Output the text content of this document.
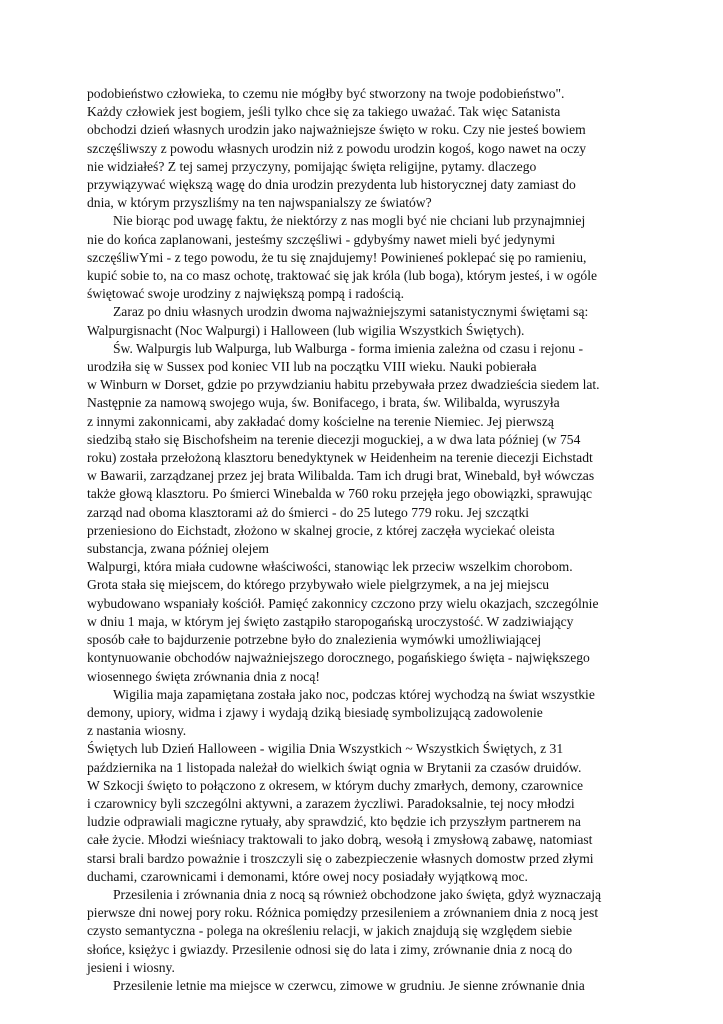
podobieństwo człowieka, to czemu nie mógłby być stworzony na twoje podobieństwo".
Każdy człowiek jest bogiem, jeśli tylko chce się za takiego uważać. Tak więc Satanista
obchodzi dzień własnych urodzin jako najważniejsze święto w roku. Czy nie jesteś bowiem
szczęśliwszy z powodu własnych urodzin niż z powodu urodzin kogoś, kogo nawet na oczy
nie widziałeś? Z tej samej przyczyny, pomijając święta religijne, pytamy. dlaczego
przywiązywać większą wagę do dnia urodzin prezydenta lub historycznej daty zamiast do
dnia, w którym przyszliśmy na ten najwspanialszy ze światów?
Nie biorąc pod uwagę faktu, że niektórzy z nas mogli być nie chciani lub przynajmniej
nie do końca zaplanowani, jesteśmy szczęśliwi - gdybyśmy nawet mieli być jedynymi
szczęśliwYmi - z tego powodu, że tu się znajdujemy! Powinieneś poklepać się po ramieniu,
kupić sobie to, na co masz ochotę, traktować się jak króla (lub boga), którym jesteś, i w ogóle
świętować swoje urodziny z największą pompą i radością.
Zaraz po dniu własnych urodzin dwoma najważniejszymi satanistycznymi świętami są:
Walpurgisnacht (Noc Walpurgi) i Halloween (lub wigilia Wszystkich Świętych).
Św. Walpurgis lub Walpurga, lub Walburga - forma imienia zależna od czasu i rejonu -
urodziła się w Sussex pod koniec VII lub na początku VIII wieku. Nauki pobierała
w Winburn w Dorset, gdzie po przywdzianiu habitu przebywała przez dwadzieścia siedem lat.
Następnie za namową swojego wuja, św. Bonifacego, i brata, św. Wilibalda, wyruszyła
z innymi zakonnicami, aby zakładać domy kościelne na terenie Niemiec. Jej pierwszą
siedzibą stało się Bischofsheim na terenie diecezji moguckiej, a w dwa lata później (w 754
roku) została przełożoną klasztoru benedyktynek w Heidenheim na terenie diecezji Eichstadt
w Bawarii, zarządzanej przez jej brata Wilibalda. Tam ich drugi brat, Winebald, był wówczas
także głową klasztoru. Po śmierci Winebalda w 760 roku przejęła jego obowiązki, sprawując
zarząd nad oboma klasztorami aż do śmierci - do 25 lutego 779 roku. Jej szczątki
przeniesiono do Eichstadt, złożono w skalnej grocie, z której zaczęła wyciekać oleista
substancja, zwana później olejem
Walpurgi, która miała cudowne właściwości, stanowiąc lek przeciw wszelkim chorobom.
Grota stała się miejscem, do którego przybywało wiele pielgrzymek, a na jej miejscu
wybudowano wspaniały kościół. Pamięć zakonnicy czczono przy wielu okazjach, szczególnie
w dniu 1 maja, w którym jej święto zastąpiło staropogańską uroczystość. W zadziwiający
sposób całe to bajdurzenie potrzebne było do znalezienia wymówki umożliwiającej
kontynuowanie obchodów najważniejszego dorocznego, pogańskiego święta - największego
wiosennego święta zrównania dnia z nocą!
Wigilia maja zapamiętana została jako noc, podczas której wychodzą na świat wszystkie
demony, upiory, widma i zjawy i wydają dziką biesiadę symbolizującą zadowolenie
z nastania wiosny.
Świętych lub Dzień Halloween - wigilia Dnia Wszystkich ~ Wszystkich Świętych, z 31
października na 1 listopada należał do wielkich świąt ognia w Brytanii za czasów druidów.
W Szkocji święto to połączono z okresem, w którym duchy zmarłych, demony, czarownice
i czarownicy byli szczególni aktywni, a zarazem życzliwi. Paradoksalnie, tej nocy młodzi
ludzie odprawiali magiczne rytuały, aby sprawdzić, kto będzie ich przyszłym partnerem na
całe życie. Młodzi wieśniacy traktowali to jako dobrą, wesołą i zmysłową zabawę, natomiast
starsi brali bardzo poważnie i troszczyli się o zabezpieczenie własnych domostw przed złymi
duchami, czarownicami i demonami, które owej nocy posiadały wyjątkową moc.
Przesilenia i zrównania dnia z nocą są również obchodzone jako święta, gdyż wyznaczają
pierwsze dni nowej pory roku. Różnica pomiędzy przesileniem a zrównaniem dnia z nocą jest
czysto semantyczna - polega na określeniu relacji, w jakich znajdują się względem siebie
słońce, księżyc i gwiazdy. Przesilenie odnosi się do lata i zimy, zrównanie dnia z nocą do
jesieni i wiosny.
Przesilenie letnie ma miejsce w czerwcu, zimowe w grudniu. Je sienne zrównanie dnia
